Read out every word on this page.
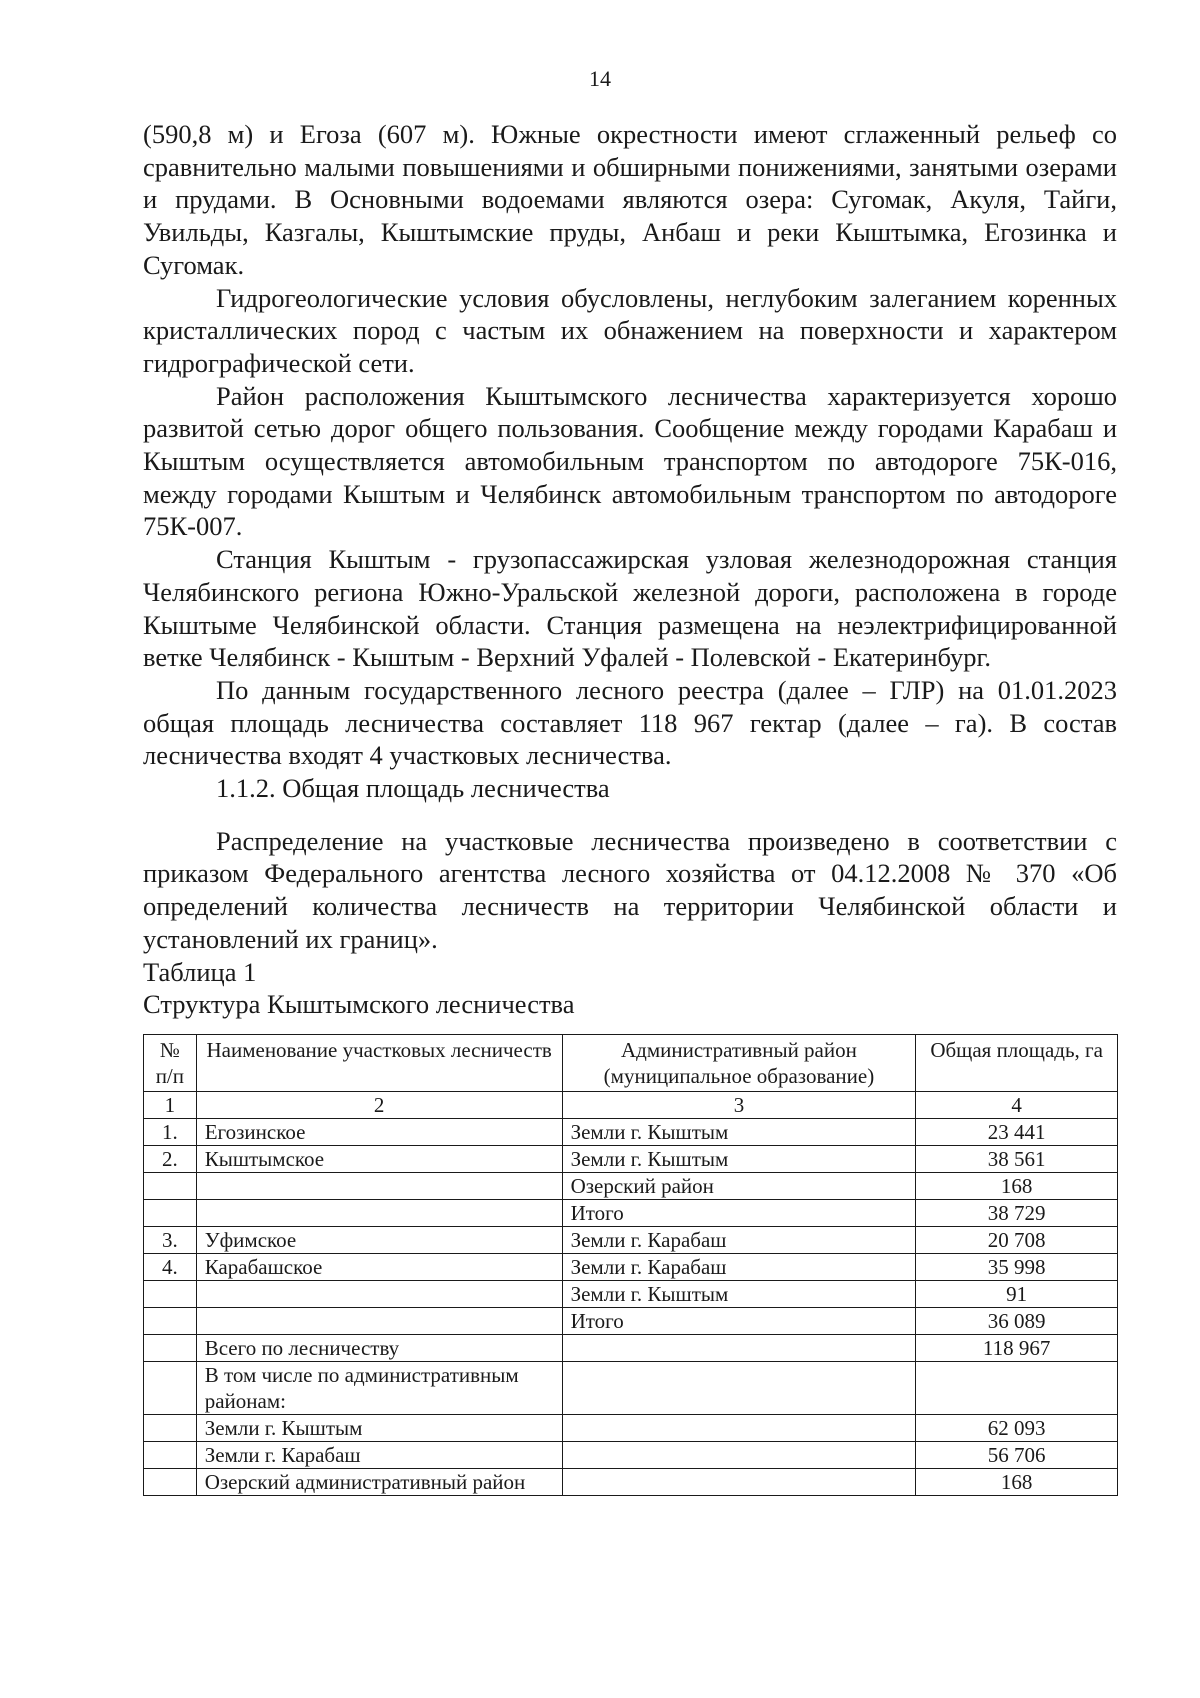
14

(590,8 м) и Егоза (607 м). Южные окрестности имеют сглаженный рельеф со сравнительно малыми повышениями и обширными понижениями, занятыми озерами и прудами. В Основными водоемами являются озера: Сугомак, Акуля, Тайги, Увильды, Казгалы, Кыштымские пруды, Анбаш и реки Кыштымка, Егозинка и Сугомак.

Гидрогеологические условия обусловлены, неглубоким залеганием коренных кристаллических пород с частым их обнажением на поверхности и характером гидрографической сети.

Район расположения Кыштымского лесничества характеризуется хорошо развитой сетью дорог общего пользования. Сообщение между городами Карабаш и Кыштым осуществляется автомобильным транспортом по автодороге 75К-016, между городами Кыштым и Челябинск автомобильным транспортом по автодороге 75К-007.

Станция Кыштым - грузопассажирская узловая железнодорожная станция Челябинского региона Южно-Уральской железной дороги, расположена в городе Кыштыме Челябинской области. Станция размещена на неэлектрифицированной ветке Челябинск - Кыштым - Верхний Уфалей - Полевской - Екатеринбург.

По данным государственного лесного реестра (далее – ГЛР) на 01.01.2023 общая площадь лесничества составляет 118 967 гектар (далее – га). В состав лесничества входят 4 участковых лесничества.

1.1.2. Общая площадь лесничества

Распределение на участковые лесничества произведено в соответствии с приказом Федерального агентства лесного хозяйства от 04.12.2008 № 370 «Об определений количества лесничеств на территории Челябинской области и установлений их границ».

Таблица 1

Структура Кыштымского лесничества

№ п/п	Наименование участковых лесничеств	Административный район (муниципальное образование)	Общая площадь, га
1	2	3	4
1.	Егозинское	Земли г. Кыштым	23 441
2.	Кыштымское	Земли г. Кыштым	38 561
		Озерский район	168
		Итого	38 729
3.	Уфимское	Земли г. Карабаш	20 708
4.	Карабашское	Земли г. Карабаш	35 998
		Земли г. Кыштым	91
		Итого	36 089
	Всего по лесничеству		118 967
	В том числе по административным районам:		
	Земли г. Кыштым		62 093
	Земли г. Карабаш		56 706
	Озерский административный район		168
